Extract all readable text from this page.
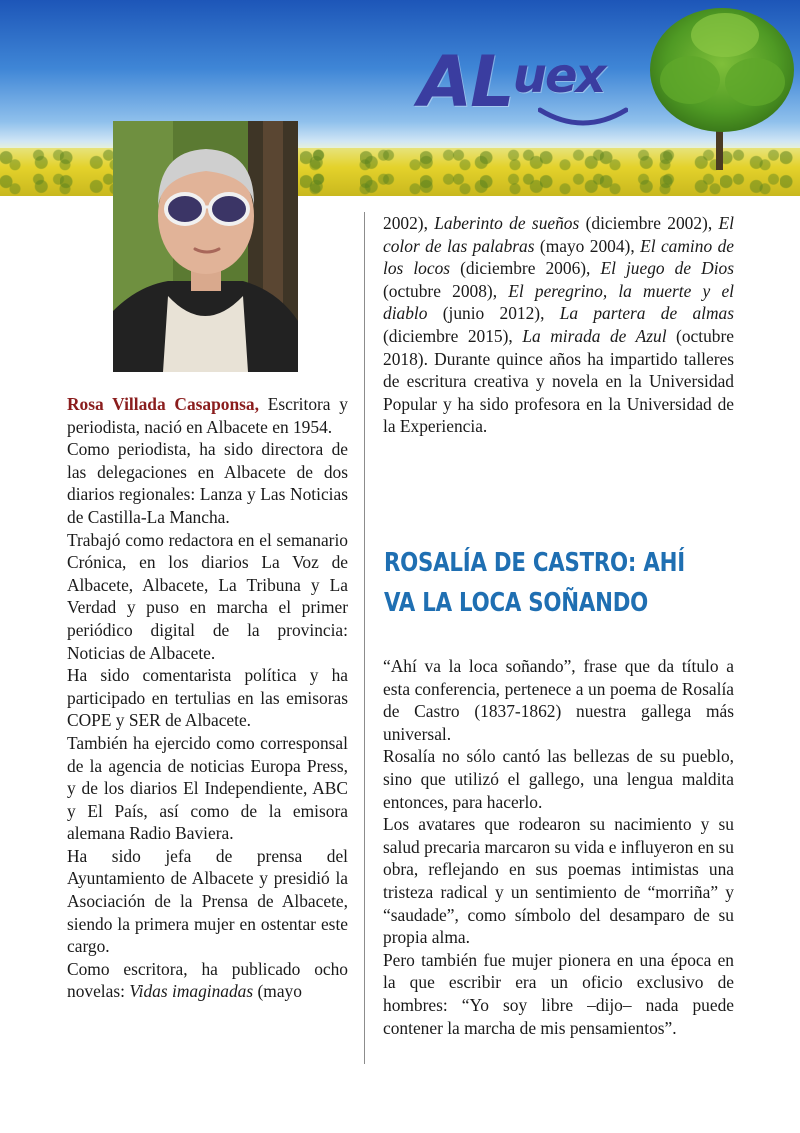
ALuex

Rosa Villada Casaponsa, Escritora y periodista, nació en Albacete en 1954.

Como periodista, ha sido directora de las delegaciones en Albacete de dos diarios regionales: Lanza y Las Noticias de Castilla-La Mancha.

Trabajó como redactora en el semanario Crónica, en los diarios La Voz de Albacete, Albacete, La Tribuna y La Verdad y puso en marcha el primer periódico digital de la provincia: Noticias de Albacete.

Ha sido comentarista política y ha participado en tertulias en las emisoras COPE y SER de Albacete.

También ha ejercido como corresponsal de la agencia de noticias Europa Press, y de los diarios El Independiente, ABC y El País, así como de la emisora alemana Radio Baviera.

Ha sido jefa de prensa del Ayuntamiento de Albacete y presidió la Asociación de la Prensa de Albacete, siendo la primera mujer en ostentar este cargo.

Como escritora, ha publicado ocho novelas: Vidas imaginadas (mayo

2002), Laberinto de sueños (diciembre 2002), El color de las palabras (mayo 2004), El camino de los locos (diciembre 2006), El juego de Dios (octubre 2008), El peregrino, la muerte y el diablo (junio 2012), La partera de almas (diciembre 2015), La mirada de Azul (octubre 2018). Durante quince años ha impartido talleres de escritura creativa y novela en la Universidad Popular y ha sido profesora en la Universidad de la Experiencia.

ROSALÍA DE CASTRO: AHÍ VA LA LOCA SOÑANDO

“Ahí va la loca soñando”, frase que da título a esta conferencia, pertenece a un poema de Rosalía de Castro (1837-1862) nuestra gallega más universal.

Rosalía no sólo cantó las bellezas de su pueblo, sino que utilizó el gallego, una lengua maldita entonces, para hacerlo.

Los avatares que rodearon su nacimiento y su salud precaria marcaron su vida e influyeron en su obra, reflejando en sus poemas intimistas una tristeza radical y un sentimiento de “morriña” y “saudade”, como símbolo del desamparo de su propia alma.

Pero también fue mujer pionera en una época en la que escribir era un oficio exclusivo de hombres: “Yo soy libre –dijo– nada puede contener la marcha de mis pensamientos”.
